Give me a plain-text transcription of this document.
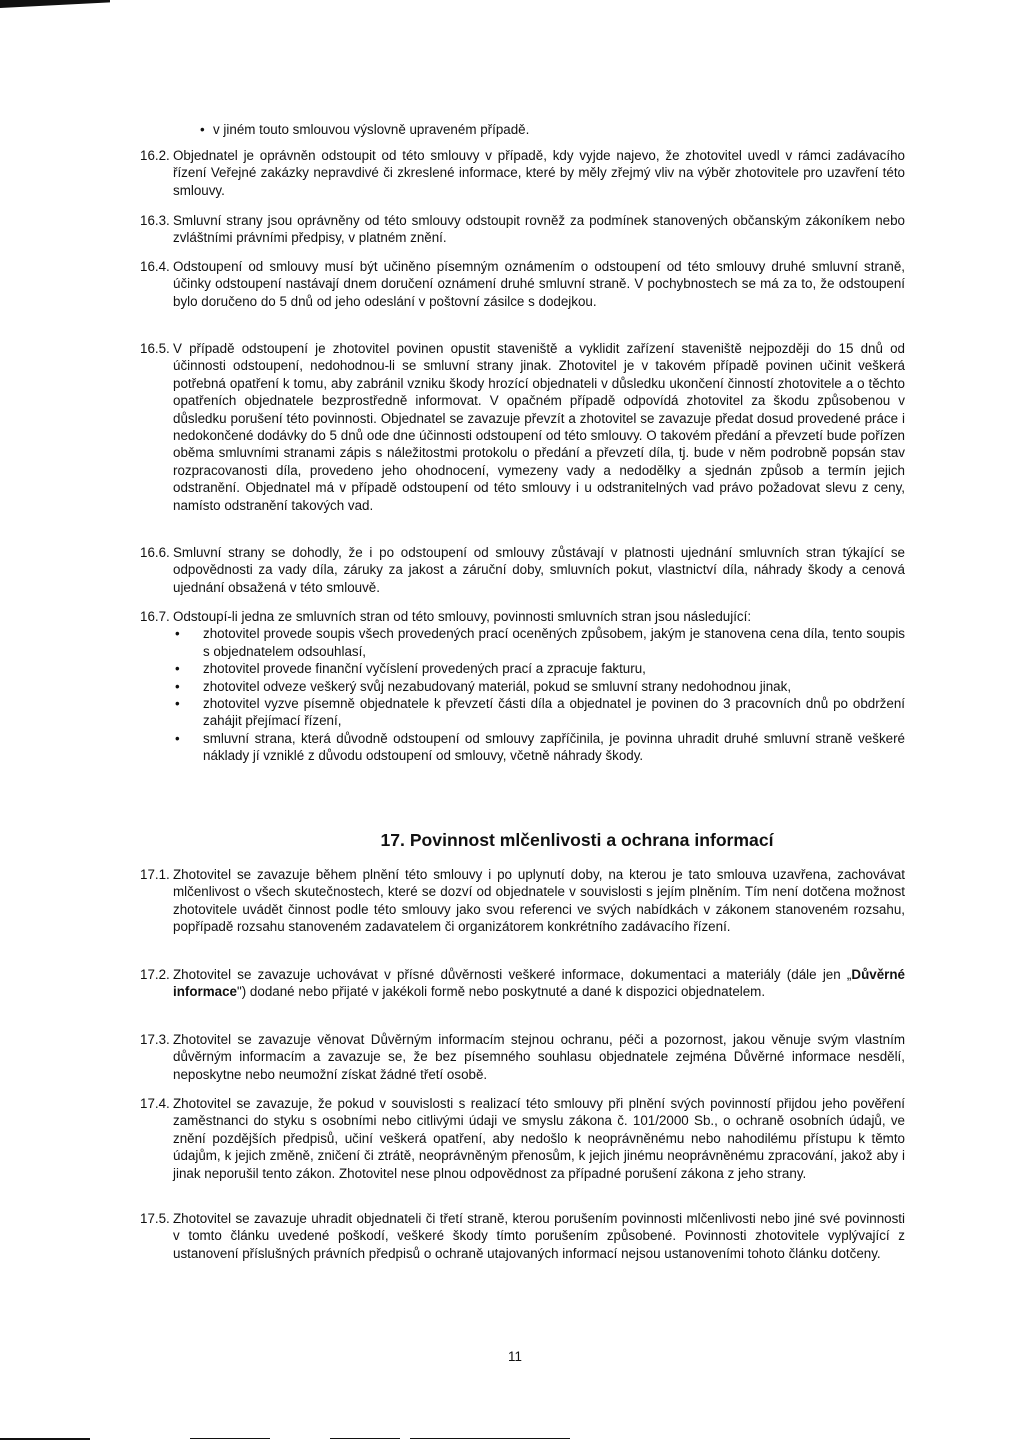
• v jiném touto smlouvou výslovně upraveném případě.
16.2. Objednatel je oprávněn odstoupit od této smlouvy v případě, kdy vyjde najevo, že zhotovitel uvedl v rámci zadávacího řízení Veřejné zakázky nepravdivé či zkreslené informace, které by měly zřejmý vliv na výběr zhotovitele pro uzavření této smlouvy.
16.3. Smluvní strany jsou oprávněny od této smlouvy odstoupit rovněž za podmínek stanovených občanským zákoníkem nebo zvláštními právními předpisy, v platném znění.
16.4. Odstoupení od smlouvy musí být učiněno písemným oznámením o odstoupení od této smlouvy druhé smluvní straně, účinky odstoupení nastávají dnem doručení oznámení druhé smluvní straně. V pochybnostech se má za to, že odstoupení bylo doručeno do 5 dnů od jeho odeslání v poštovní zásilce s dodejkou.
16.5. V případě odstoupení je zhotovitel povinen opustit staveniště a vyklidit zařízení staveniště nejpozději do 15 dnů od účinnosti odstoupení, nedohodnou-li se smluvní strany jinak. Zhotovitel je v takovém případě povinen učinit veškerá potřebná opatření k tomu, aby zabránil vzniku škody hrozící objednateli v důsledku ukončení činností zhotovitele a o těchto opatřeních objednatele bezprostředně informovat. V opačném případě odpovídá zhotovitel za škodu způsobenou v důsledku porušení této povinnosti. Objednatel se zavazuje převzít a zhotovitel se zavazuje předat dosud provedené práce i nedokončené dodávky do 5 dnů ode dne účinnosti odstoupení od této smlouvy. O takovém předání a převzetí bude pořízen oběma smluvními stranami zápis s náležitostmi protokolu o předání a převzetí díla, tj. bude v něm podrobně popsán stav rozpracovanosti díla, provedeno jeho ohodnocení, vymezeny vady a nedodělky a sjednán způsob a termín jejich odstranění. Objednatel má v případě odstoupení od této smlouvy i u odstranitelných vad právo požadovat slevu z ceny, namísto odstranění takových vad.
16.6. Smluvní strany se dohodly, že i po odstoupení od smlouvy zůstávají v platnosti ujednání smluvních stran týkající se odpovědnosti za vady díla, záruky za jakost a záruční doby, smluvních pokut, vlastnictví díla, náhrady škody a cenová ujednání obsažená v této smlouvě.
16.7. Odstoupí-li jedna ze smluvních stran od této smlouvy, povinnosti smluvních stran jsou následující:
• zhotovitel provede soupis všech provedených prací oceněných způsobem, jakým je stanovena cena díla, tento soupis s objednatelem odsouhlasí,
• zhotovitel provede finanční vyčíslení provedených prací a zpracuje fakturu,
• zhotovitel odveze veškerý svůj nezabudovaný materiál, pokud se smluvní strany nedohodnou jinak,
• zhotovitel vyzve písemně objednatele k převzetí části díla a objednatel je povinen do 3 pracovních dnů po obdržení zahájit přejímací řízení,
• smluvní strana, která důvodně odstoupení od smlouvy zapříčinila, je povinna uhradit druhé smluvní straně veškeré náklady jí vzniklé z důvodu odstoupení od smlouvy, včetně náhrady škody.
17. Povinnost mlčenlivosti a ochrana informací
17.1. Zhotovitel se zavazuje během plnění této smlouvy i po uplynutí doby, na kterou je tato smlouva uzavřena, zachovávat mlčenlivost o všech skutečnostech, které se dozví od objednatele v souvislosti s jejím plněním. Tím není dotčena možnost zhotovitele uvádět činnost podle této smlouvy jako svou referenci ve svých nabídkách v zákonem stanoveném rozsahu, popřípadě rozsahu stanoveném zadavatelem či organizátorem konkrétního zadávacího řízení.
17.2. Zhotovitel se zavazuje uchovávat v přísné důvěrnosti veškeré informace, dokumentaci a materiály (dále jen „Důvěrné informace") dodané nebo přijaté v jakékoli formě nebo poskytnuté a dané k dispozici objednatelem.
17.3. Zhotovitel se zavazuje věnovat Důvěrným informacím stejnou ochranu, péči a pozornost, jakou věnuje svým vlastním důvěrným informacím a zavazuje se, že bez písemného souhlasu objednatele zejména Důvěrné informace nesdělí, neposkytne nebo neumožní získat žádné třetí osobě.
17.4. Zhotovitel se zavazuje, že pokud v souvislosti s realizací této smlouvy při plnění svých povinností přijdou jeho pověření zaměstnanci do styku s osobními nebo citlivými údaji ve smyslu zákona č. 101/2000 Sb., o ochraně osobních údajů, ve znění pozdějších předpisů, učiní veškerá opatření, aby nedošlo k neoprávněnému nebo nahodilému přístupu k těmto údajům, k jejich změně, zničení či ztrátě, neoprávněným přenosům, k jejich jinému neoprávněnému zpracování, jakož aby i jinak neporušil tento zákon. Zhotovitel nese plnou odpovědnost za případné porušení zákona z jeho strany.
17.5. Zhotovitel se zavazuje uhradit objednateli či třetí straně, kterou porušením povinnosti mlčenlivosti nebo jiné své povinnosti v tomto článku uvedené poškodí, veškeré škody tímto porušením způsobené. Povinnosti zhotovitele vyplývající z ustanovení příslušných právních předpisů o ochraně utajovaných informací nejsou ustanoveními tohoto článku dotčeny.
11
